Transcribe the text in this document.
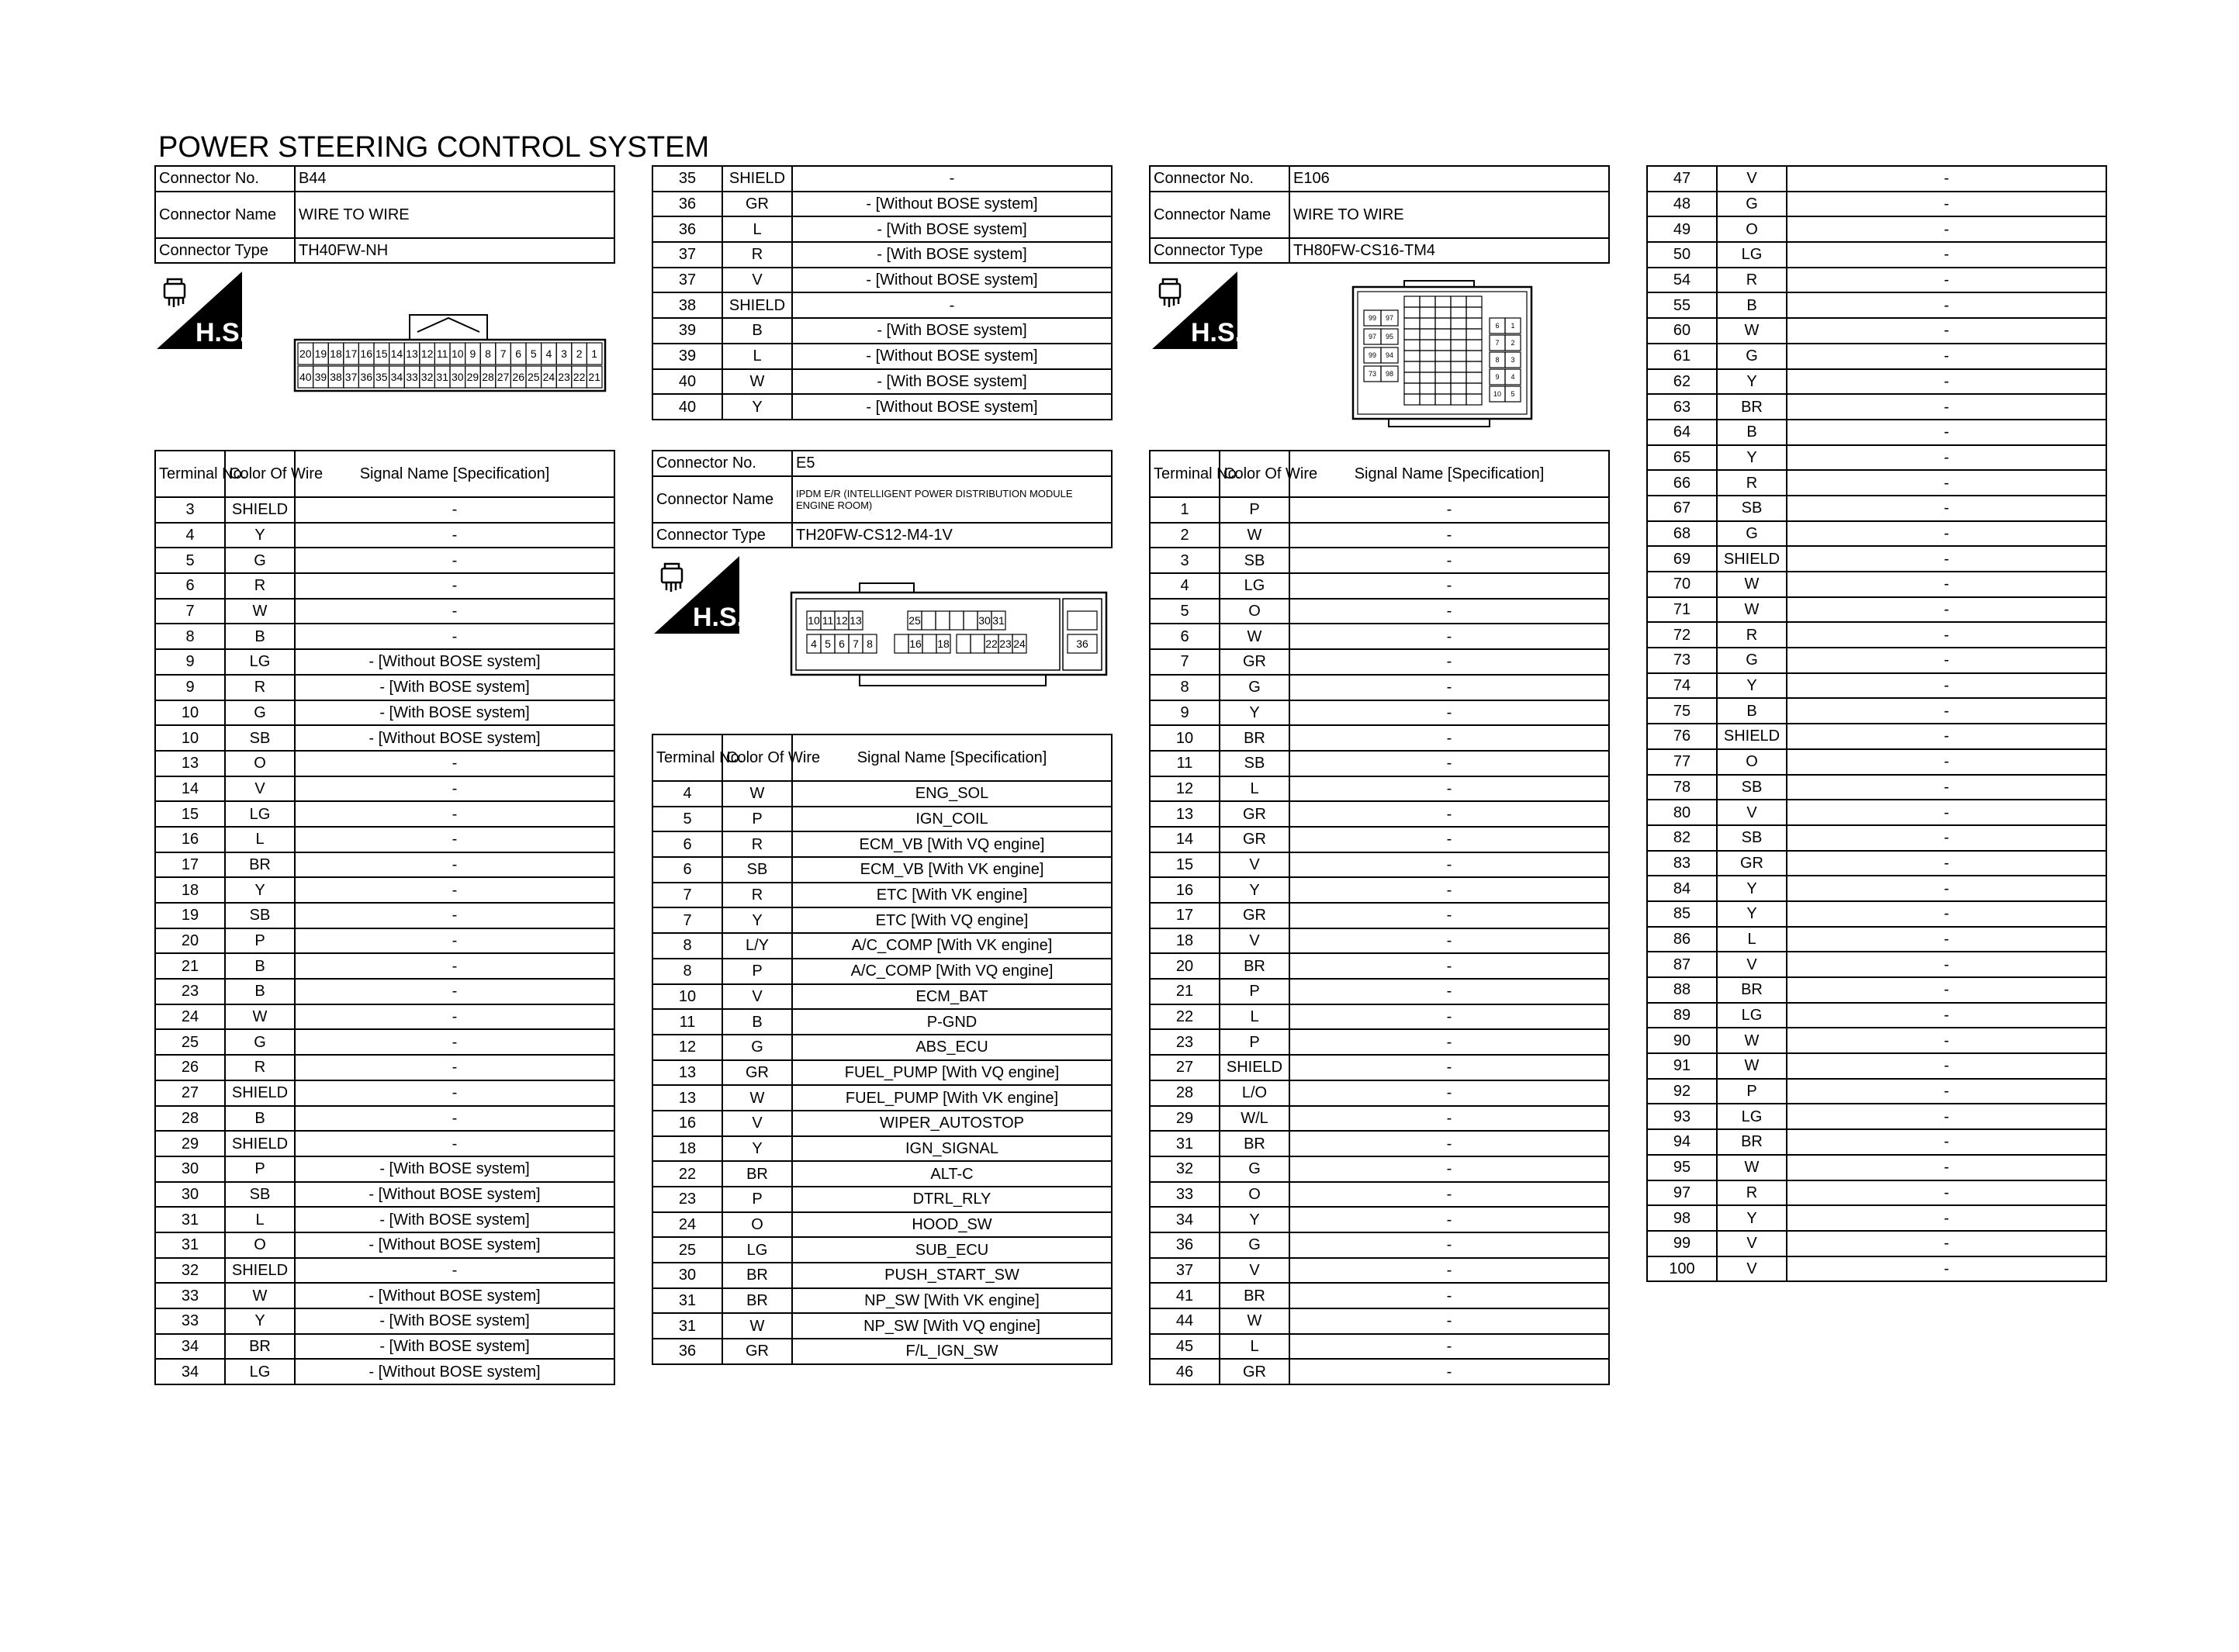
POWER STEERING CONTROL SYSTEM
Connector No.	B44
Connector Name	WIRE TO WIRE
Connector Type	TH40FW-NH
H.S.
20 19 18 17 16 15 14 13 12 11 10 9 8 7 6 5 4 3 2 1
40 39 38 37 36 35 34 33 32 31 30 29 28 27 26 25 24 23 22 21
Terminal No.	Color Of Wire	Signal Name [Specification]
3	SHIELD	-
4	Y	-
5	G	-
6	R	-
7	W	-
8	B	-
9	LG	- [Without BOSE system]
9	R	- [With BOSE system]
10	G	- [With BOSE system]
10	SB	- [Without BOSE system]
13	O	-
14	V	-
15	LG	-
16	L	-
17	BR	-
18	Y	-
19	SB	-
20	P	-
21	B	-
23	B	-
24	W	-
25	G	-
26	R	-
27	SHIELD	-
28	B	-
29	SHIELD	-
30	P	- [With BOSE system]
30	SB	- [Without BOSE system]
31	L	- [With BOSE system]
31	O	- [Without BOSE system]
32	SHIELD	-
33	W	- [Without BOSE system]
33	Y	- [With BOSE system]
34	BR	- [With BOSE system]
34	LG	- [Without BOSE system]
35	SHIELD	-
36	GR	- [Without BOSE system]
36	L	- [With BOSE system]
37	R	- [With BOSE system]
37	V	- [Without BOSE system]
38	SHIELD	-
39	B	- [With BOSE system]
39	L	- [Without BOSE system]
40	W	- [With BOSE system]
40	Y	- [Without BOSE system]
Connector No.	E5
Connector Name	IPDM E/R (INTELLIGENT POWER DISTRIBUTION MODULE ENGINE ROOM)
Connector Type	TH20FW-CS12-M4-1V
H.S.	10 11 12 13
4 5 6 7 8
25	30 31
16 18	22 23 24	36
Terminal No.	Color Of Wire	Signal Name [Specification]
4	W	ENG_SOL
5	P	IGN_COIL
6	R	ECM_VB [With VQ engine]
6	SB	ECM_VB [With VK engine]
7	R	ETC [With VK engine]
7	Y	ETC [With VQ engine]
8	L/Y	A/C_COMP [With VK engine]
8	P	A/C_COMP [With VQ engine]
10	V	ECM_BAT
11	B	P-GND
12	G	ABS_ECU
13	GR	FUEL_PUMP [With VQ engine]
13	W	FUEL_PUMP [With VK engine]
16	V	WIPER_AUTOSTOP
18	Y	IGN_SIGNAL
22	BR	ALT-C
23	P	DTRL_RLY
24	O	HOOD_SW
25	LG	SUB_ECU
30	BR	PUSH_START_SW
31	BR	NP_SW [With VK engine]
31	W	NP_SW [With VQ engine]
36	GR	F/L_IGN_SW
Connector No.	E106
Connector Name	WIRE TO WIRE
Connector Type	TH80FW-CS16-TM4
H.S.	99 97
97 95
99 94
73 98
6 1
7 2
8 3
9 4
10 5
Terminal No.	Color Of Wire	Signal Name [Specification]
1	P	-
2	W	-
3	SB	-
4	LG	-
5	O	-
6	W	-
7	GR	-
8	G	-
9	Y	-
10	BR	-
11	SB	-
12	L	-
13	GR	-
14	GR	-
15	V	-
16	Y	-
17	GR	-
18	V	-
20	BR	-
21	P	-
22	L	-
23	P	-
27	SHIELD	-
28	L/O	-
29	W/L	-
31	BR	-
32	G	-
33	O	-
34	Y	-
36	G	-
37	V	-
41	BR	-
44	W	-
45	L	-
46	GR	-
47	V	-
48	G	-
49	O	-
50	LG	-
54	R	-
55	B	-
60	W	-
61	G	-
62	Y	-
63	BR	-
64	B	-
65	Y	-
66	R	-
67	SB	-
68	G	-
69	SHIELD	-
70	W	-
71	W	-
72	R	-
73	G	-
74	Y	-
75	B	-
76	SHIELD	-
77	O	-
78	SB	-
80	V	-
82	SB	-
83	GR	-
84	Y	-
85	Y	-
86	L	-
87	V	-
88	BR	-
89	LG	-
90	W	-
91	W	-
92	P	-
93	LG	-
94	BR	-
95	W	-
97	R	-
98	Y	-
99	V	-
100	V	-
